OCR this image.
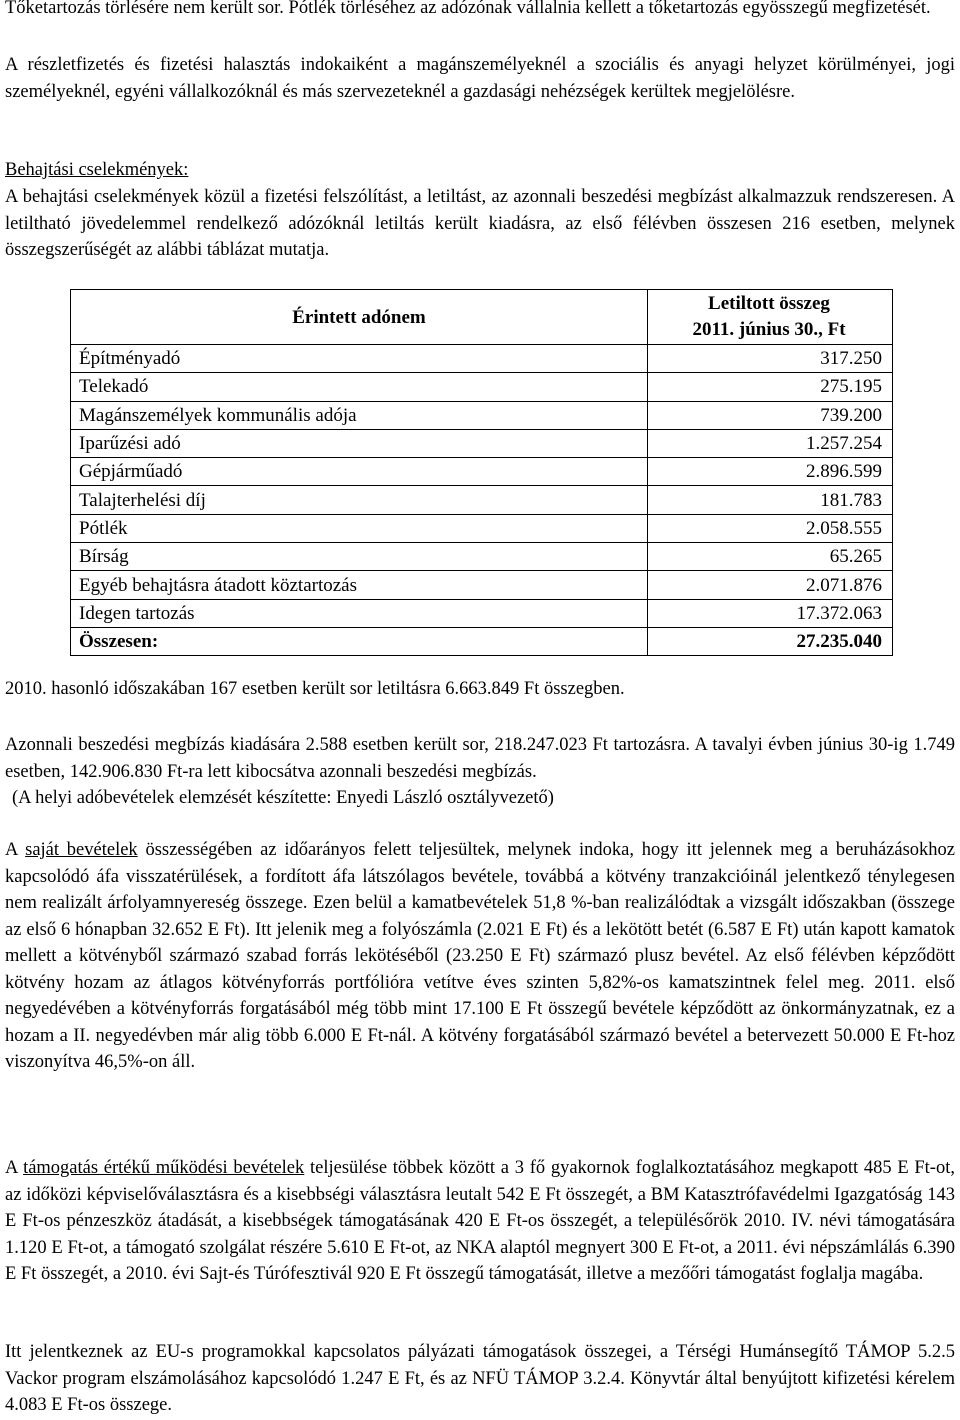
Tőketartozás törlésére nem került sor. Pótlék törléséhez az adózónak vállalnia kellett a tőketartozás egyösszegű megfizetését.

A részletfizetés és fizetési halasztás indokaiként a magánszemélyeknél a szociális és anyagi helyzet körülményei, jogi személyeknél, egyéni vállalkozóknál és más szervezeteknél a gazdasági nehézségek kerültek megjelölésre.

Behajtási cselekmények:

A behajtási cselekmények közül a fizetési felszólítást, a letiltást, az azonnali beszedési megbízást alkalmazzuk rendszeresen. A letiltható jövedelemmel rendelkező adózóknál letiltás került kiadásra, az első félévben összesen 216 esetben, melynek összegszerűségét az alábbi táblázat mutatja.

Érintett adónem	Letiltott összeg
2011. június 30., Ft

Építményadó	317.250
Telekadó	275.195
Magánszemélyek kommunális adója	739.200
Iparűzési adó	1.257.254
Gépjárműadó	2.896.599
Talajterhelési díj	181.783
Pótlék	2.058.555
Bírság	65.265
Egyéb behajtásra átadott köztartozás	2.071.876
Idegen tartozás	17.372.063
Összesen:	27.235.040

2010. hasonló időszakában 167 esetben került sor letiltásra 6.663.849 Ft összegben.

Azonnali beszedési megbízás kiadására 2.588 esetben került sor, 218.247.023 Ft tartozásra. A tavalyi évben június 30-ig 1.749 esetben, 142.906.830 Ft-ra lett kibocsátva azonnali beszedési megbízás.

(A helyi adóbevételek elemzését készítette: Enyedi László osztályvezető)

A saját bevételek összességében az időarányos felett teljesültek, melynek indoka, hogy itt jelennek meg a beruházásokhoz kapcsolódó áfa visszatérülések, a fordított áfa látszólagos bevétele, továbbá a kötvény tranzakcióinál jelentkező ténylegesen nem realizált árfolyamnyereség összege. Ezen belül a kamatbevételek 51,8 %-ban realizálódtak a vizsgált időszakban (összege az első 6 hónapban 32.652 E Ft). Itt jelenik meg a folyószámla (2.021 E Ft) és a lekötött betét (6.587 E Ft) után kapott kamatok mellett a kötvényből származó szabad forrás lekötéséből (23.250 E Ft) származó plusz bevétel. Az első félévben képződött kötvény hozam az átlagos kötvényforrás portfólióra vetítve éves szinten 5,82%-os kamatszintnek felel meg. 2011. első negyedévében a kötvényforrás forgatásából még több mint 17.100 E Ft összegű bevétele képződött az önkormányzatnak, ez a hozam a II. negyedévben már alig több 6.000 E Ft-nál. A kötvény forgatásából származó bevétel a betervezett 50.000 E Ft-hoz viszonyítva 46,5%-on áll.

A támogatás értékű működési bevételek teljesülése többek között a 3 fő gyakornok foglalkoztatásához megkapott 485 E Ft-ot, az időközi képviselőválasztásra és a kisebbségi választásra leutalt 542 E Ft összegét, a BM Katasztrófavédelmi Igazgatóság 143 E Ft-os pénzeszköz átadását, a kisebbségek támogatásának 420 E Ft-os összegét, a településőrök 2010. IV. névi támogatására 1.120 E Ft-ot, a támogató szolgálat részére 5.610 E Ft-ot, az NKA alaptól megnyert 300 E Ft-ot, a 2011. évi népszámlálás 6.390 E Ft összegét, a 2010. évi Sajt-és Túrófesztivál 920 E Ft összegű támogatását, illetve a mezőőri támogatást foglalja magába.

Itt jelentkeznek az EU-s programokkal kapcsolatos pályázati támogatások összegei, a Térségi Humánsegítő TÁMOP 5.2.5 Vackor program elszámolásához kapcsolódó 1.247 E Ft, és az NFÜ TÁMOP 3.2.4. Könyvtár által benyújtott kifizetési kérelem 4.083 E Ft-os összege.
